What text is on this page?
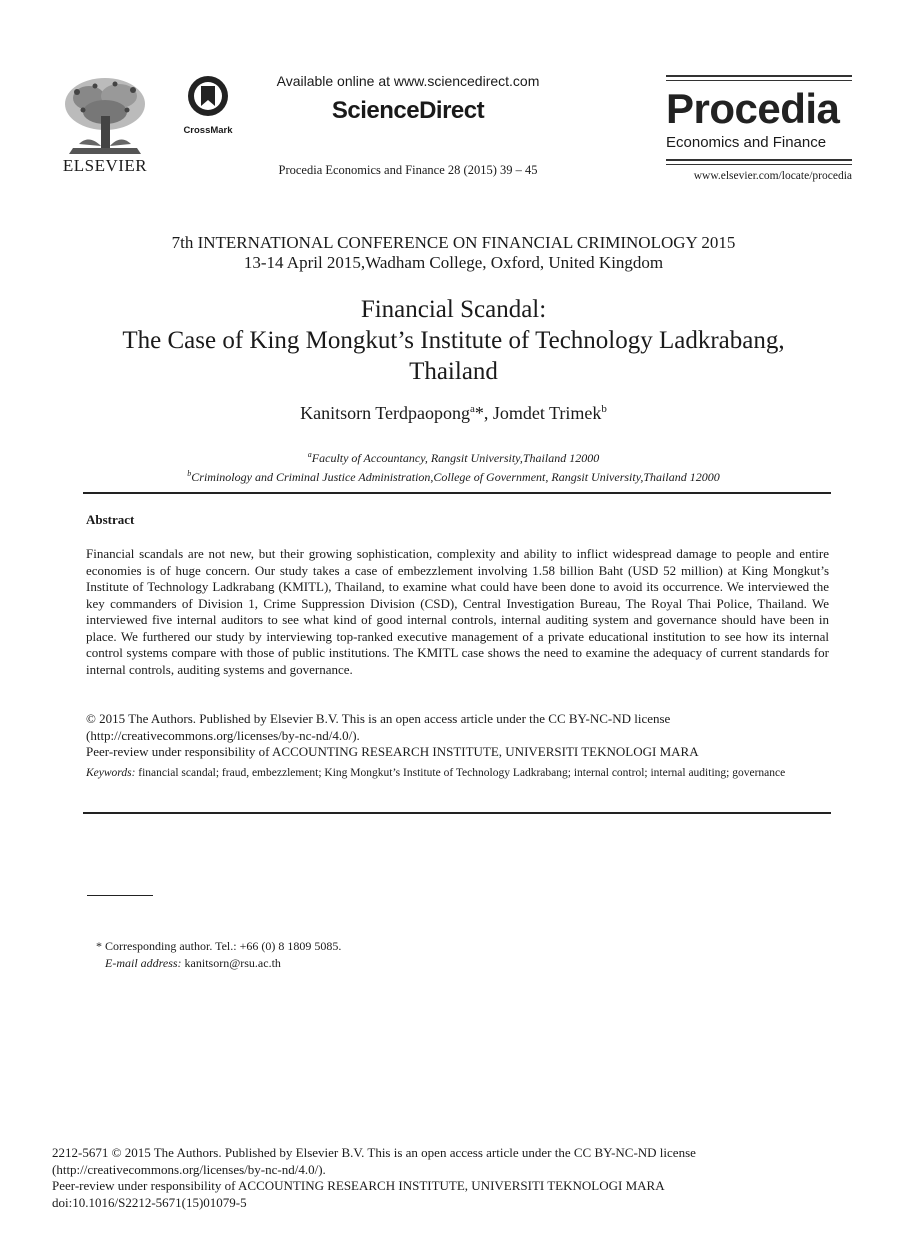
ELSEVIER
CrossMark
Available online at www.sciencedirect.com
ScienceDirect
Procedia Economics and Finance 28 (2015) 39 – 45
Procedia
Economics and Finance
www.elsevier.com/locate/procedia
7th INTERNATIONAL CONFERENCE ON FINANCIAL CRIMINOLOGY 2015
13-14 April 2015,Wadham College, Oxford, United Kingdom
Financial Scandal:
The Case of King Mongkut’s Institute of Technology Ladkrabang,
Thailand
Kanitsorn Terdpaopong$^a$*, Jomdet Trimek$^b$
$^a$Faculty of Accountancy, Rangsit University,Thailand 12000
$^b$Criminology and Criminal Justice Administration,College of Government, Rangsit University,Thailand 12000
Abstract
Financial scandals are not new, but their growing sophistication, complexity and ability to inflict widespread damage to people and entire economies is of huge concern. Our study takes a case of embezzlement involving 1.58 billion Baht (USD 52 million) at King Mongkut’s Institute of Technology Ladkrabang (KMITL), Thailand, to examine what could have been done to avoid its occurrence. We interviewed the key commanders of Division 1, Crime Suppression Division (CSD), Central Investigation Bureau, The Royal Thai Police, Thailand. We interviewed five internal auditors to see what kind of good internal controls, internal auditing system and governance should have been in place. We furthered our study by interviewing top-ranked executive management of a private educational institution to see how its internal control systems compare with those of public institutions. The KMITL case shows the need to examine the adequacy of current standards for internal controls, auditing systems and governance.
© 2015 The Authors. Published by Elsevier B.V. This is an open access article under the CC BY-NC-ND license
(http://creativecommons.org/licenses/by-nc-nd/4.0/).
Peer-review under responsibility of ACCOUNTING RESEARCH INSTITUTE, UNIVERSITI TEKNOLOGI MARA
Keywords: financial scandal; fraud, embezzlement; King Mongkut’s Institute of Technology Ladkrabang; internal control; internal auditing; governance
* Corresponding author. Tel.: +66 (0) 8 1809 5085.
E-mail address: kanitsorn@rsu.ac.th
2212-5671 © 2015 The Authors. Published by Elsevier B.V. This is an open access article under the CC BY-NC-ND license
(http://creativecommons.org/licenses/by-nc-nd/4.0/).
Peer-review under responsibility of ACCOUNTING RESEARCH INSTITUTE, UNIVERSITI TEKNOLOGI MARA
doi:10.1016/S2212-5671(15)01079-5
